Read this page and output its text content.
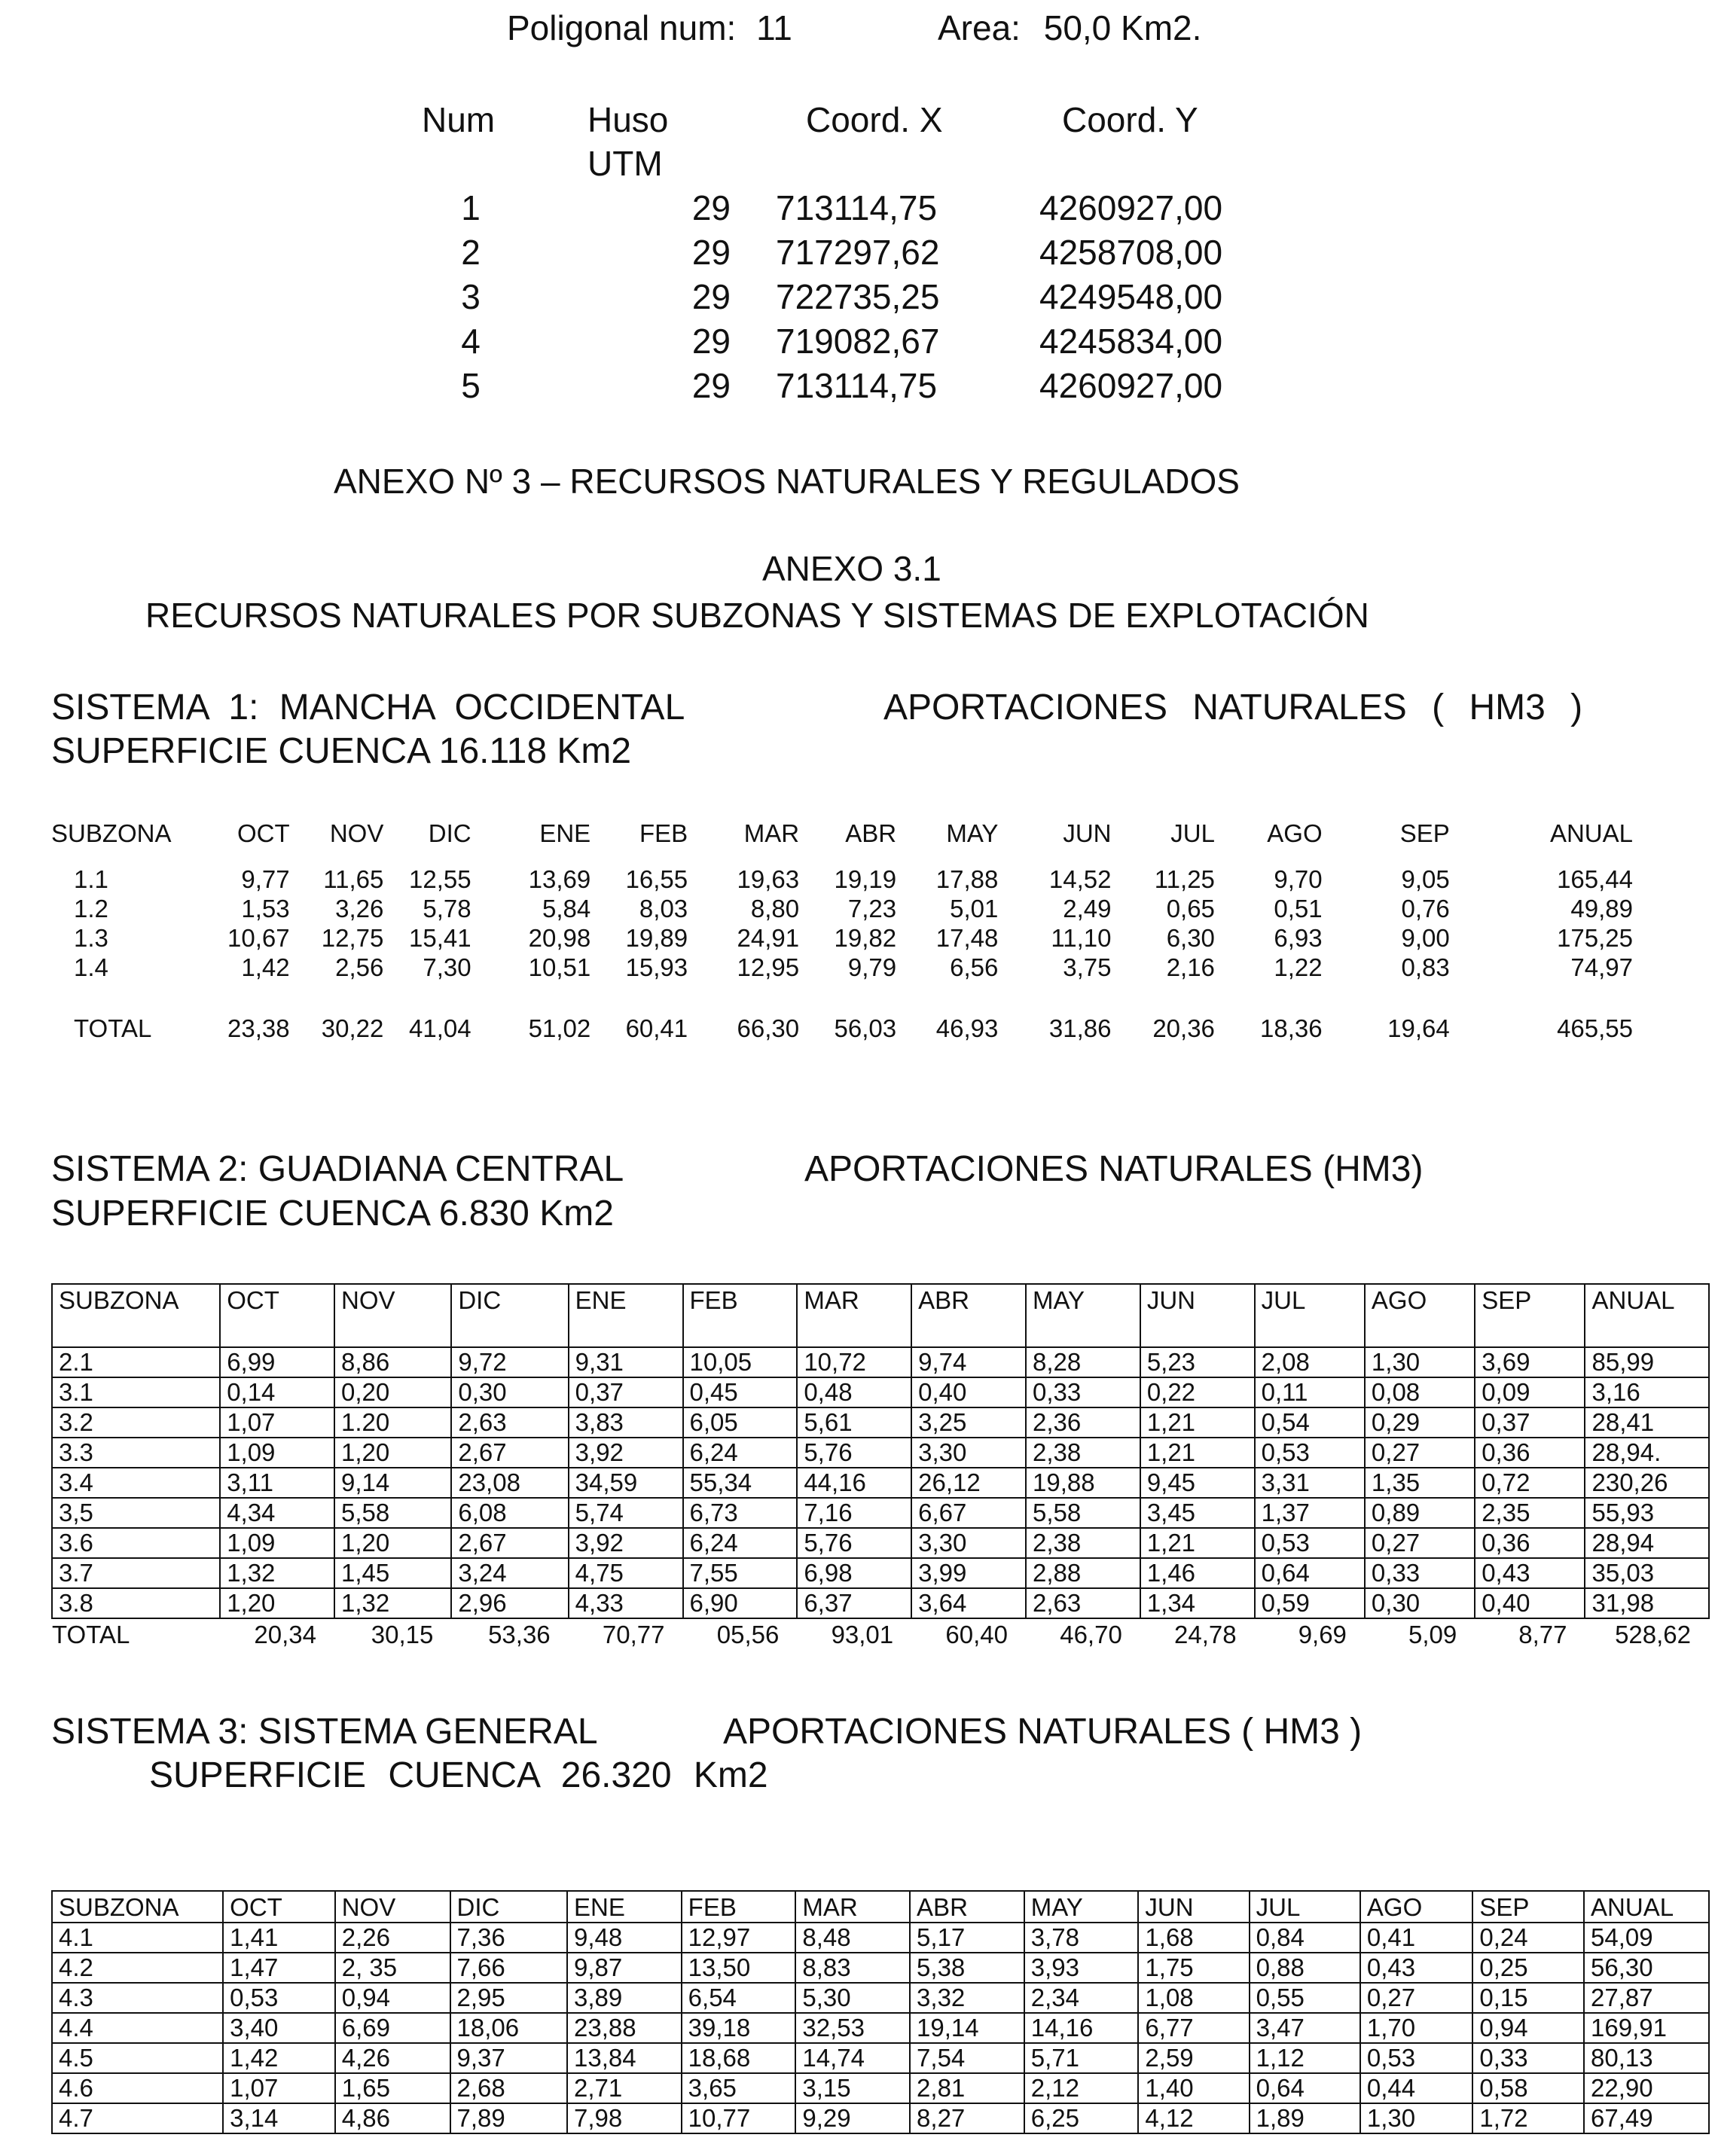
Poligonal num: 11	Area: 50,0 Km2.
Num	Huso	Coord. X	Coord. Y
	UTM		
1	29	713114,75	4260927,00
2	29	717297,62	4258708,00
3	29	722735,25	4249548,00
4	29	719082,67	4245834,00
5	29	713114,75	4260927,00
ANEXO Nº 3 – RECURSOS NATURALES Y REGULADOS
ANEXO 3.1
RECURSOS NATURALES POR SUBZONAS Y SISTEMAS DE EXPLOTACIÓN
SISTEMA 1: MANCHA OCCIDENTAL	APORTACIONES NATURALES ( HM3 )
SUPERFICIE CUENCA 16.118 Km2
SUBZONA	OCT	NOV	DIC	ENE	FEB	MAR	ABR	MAY	JUN	JUL	AGO	SEP	ANUAL
1.1	9,77	11,65	12,55	13,69	16,55	19,63	19,19	17,88	14,52	11,25	9,70	9,05	165,44
1.2	1,53	3,26	5,78	5,84	8,03	8,80	7,23	5,01	2,49	0,65	0,51	0,76	49,89
1.3	10,67	12,75	15,41	20,98	19,89	24,91	19,82	17,48	11,10	6,30	6,93	9,00	175,25
1.4	1,42	2,56	7,30	10,51	15,93	12,95	9,79	6,56	3,75	2,16	1,22	0,83	74,97

TOTAL	23,38	30,22	41,04	51,02	60,41	66,30	56,03	46,93	31,86	20,36	18,36	19,64	465,55
SISTEMA 2: GUADIANA CENTRAL	APORTACIONES NATURALES (HM3)
SUPERFICIE CUENCA 6.830 Km2
SUBZONA	OCT	NOV	DIC	ENE	FEB	MAR	ABR	MAY	JUN	JUL	AGO	SEP	ANUAL
2.1	6,99	8,86	9,72	9,31	10,05	10,72	9,74	8,28	5,23	2,08	1,30	3,69	85,99
3.1	0,14	0,20	0,30	0,37	0,45	0,48	0,40	0,33	0,22	0,11	0,08	0,09	3,16
3.2	1,07	1.20	2,63	3,83	6,05	5,61	3,25	2,36	1,21	0,54	0,29	0,37	28,41
3.3	1,09	1,20	2,67	3,92	6,24	5,76	3,30	2,38	1,21	0,53	0,27	0,36	28,94.
3.4	3,11	9,14	23,08	34,59	55,34	44,16	26,12	19,88	9,45	3,31	1,35	0,72	230,26
3,5	4,34	5,58	6,08	5,74	6,73	7,16	6,67	5,58	3,45	1,37	0,89	2,35	55,93
3.6	1,09	1,20	2,67	3,92	6,24	5,76	3,30	2,38	1,21	0,53	0,27	0,36	28,94
3.7	1,32	1,45	3,24	4,75	7,55	6,98	3,99	2,88	1,46	0,64	0,33	0,43	35,03
3.8	1,20	1,32	2,96	4,33	6,90	6,37	3,64	2,63	1,34	0,59	0,30	0,40	31,98
TOTAL	20,34	30,15	53,36	70,77	05,56	93,01	60,40	46,70	24,78	9,69	5,09	8,77	528,62
SISTEMA 3: SISTEMA GENERAL	APORTACIONES NATURALES ( HM3 )
SUPERFICIE CUENCA 26.320 Km2
SUBZONA	OCT	NOV	DIC	ENE	FEB	MAR	ABR	MAY	JUN	JUL	AGO	SEP	ANUAL
4.1	1,41	2,26	7,36	9,48	12,97	8,48	5,17	3,78	1,68	0,84	0,41	0,24	54,09
4.2	1,47	2, 35	7,66	9,87	13,50	8,83	5,38	3,93	1,75	0,88	0,43	0,25	56,30
4.3	0,53	0,94	2,95	3,89	6,54	5,30	3,32	2,34	1,08	0,55	0,27	0,15	27,87
4.4	3,40	6,69	18,06	23,88	39,18	32,53	19,14	14,16	6,77	3,47	1,70	0,94	169,91
4.5	1,42	4,26	9,37	13,84	18,68	14,74	7,54	5,71	2,59	1,12	0,53	0,33	80,13
4.6	1,07	1,65	2,68	2,71	3,65	3,15	2,81	2,12	1,40	0,64	0,44	0,58	22,90
4.7	3,14	4,86	7,89	7,98	10,77	9,29	8,27	6,25	4,12	1,89	1,30	1,72	67,49
